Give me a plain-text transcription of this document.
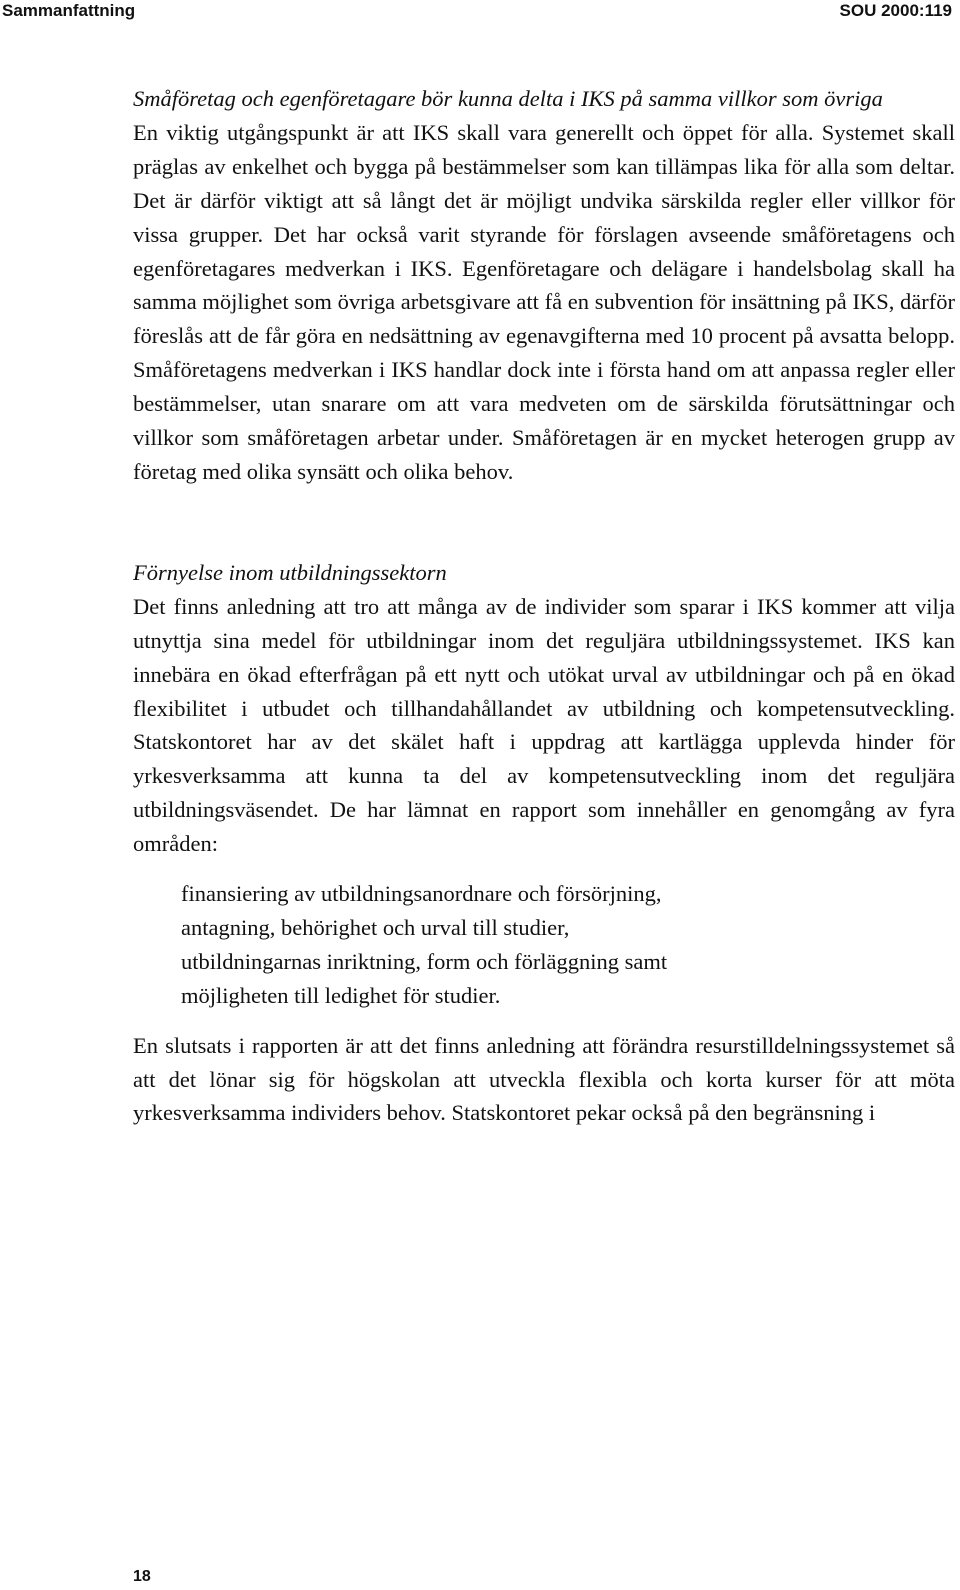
Sammanfattning	SOU 2000:119

Småföretag och egenföretagare bör kunna delta i IKS på samma villkor som övriga

En viktig utgångspunkt är att IKS skall vara generellt och öppet för alla. Systemet skall präglas av enkelhet och bygga på bestämmelser som kan tillämpas lika för alla som deltar. Det är därför viktigt att så långt det är möjligt undvika särskilda regler eller villkor för vissa grupper. Det har också varit styrande för förslagen avseende småföretagens och egenföretagares medverkan i IKS. Egenföretagare och delägare i handelsbolag skall ha samma möjlighet som övriga arbetsgivare att få en subvention för insättning på IKS, därför föreslås att de får göra en nedsättning av egenavgifterna med 10 procent på avsatta belopp. Småföretagens medverkan i IKS handlar dock inte i första hand om att anpassa regler eller bestämmelser, utan snarare om att vara medveten om de särskilda förutsättningar och villkor som småföretagen arbetar under. Småföretagen är en mycket heterogen grupp av företag med olika synsätt och olika behov.

Förnyelse inom utbildningssektorn

Det finns anledning att tro att många av de individer som sparar i IKS kommer att vilja utnyttja sina medel för utbildningar inom det reguljära utbildningssystemet. IKS kan innebära en ökad efterfrågan på ett nytt och utökat urval av utbildningar och på en ökad flexibilitet i utbudet och tillhandahållandet av utbildning och kompetensutveckling. Statskontoret har av det skälet haft i uppdrag att kartlägga upplevda hinder för yrkesverksamma att kunna ta del av kompetensutveckling inom det reguljära utbildningsväsendet. De har lämnat en rapport som innehåller en genomgång av fyra områden:

finansiering av utbildningsanordnare och försörjning,
antagning, behörighet och urval till studier,
utbildningarnas inriktning, form och förläggning samt
möjligheten till ledighet för studier.

En slutsats i rapporten är att det finns anledning att förändra resurstilldelningssystemet så att det lönar sig för högskolan att utveckla flexibla och korta kurser för att möta yrkesverksamma individers behov. Statskontoret pekar också på den begränsning i

18
